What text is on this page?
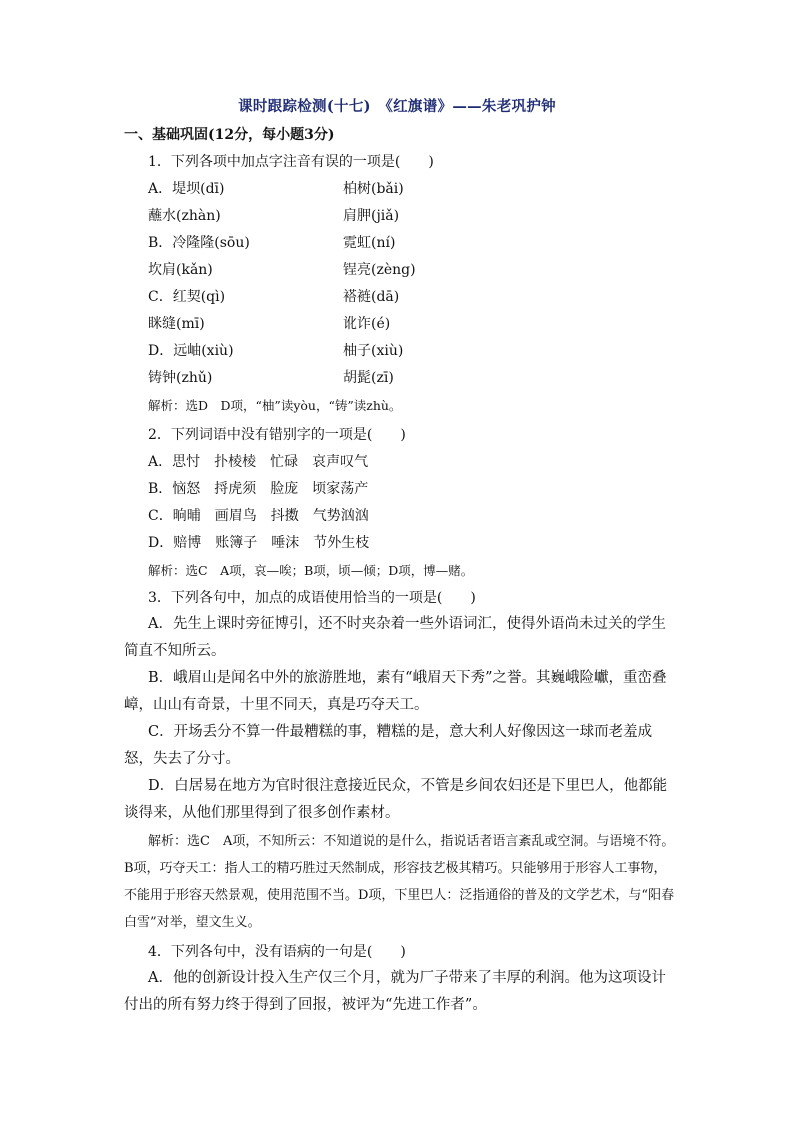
课时跟踪检测(十七)　《红旗谱》——朱老巩护钟
一、基础巩固(12分，每小题3分)
1．下列各项中加点字注音有误的一项是(　　)
A．堤坝(dī)	柏树(bǎi)
蘸水(zhàn)	肩胛(jiǎ)
B．冷隆隆(sōu)	霓虹(ní)
坎肩(kǎn)	锃亮(zèng)
C．红契(qì)	褡裢(dā)
眯缝(mī)	讹诈(é)
D．远岫(xiù)	柚子(xiù)
铸钟(zhǔ)	胡髭(zī)
解析：选D　D项，“柚”读yòu，“铸”读zhù。
2．下列词语中没有错别字的一项是(　　)
A．思忖　扑棱棱　忙碌　哀声叹气
B．恼怒　捋虎须　脸庞　顷家荡产
C．晌晡　画眉鸟　抖擞　气势汹汹
D．赔博　账簿子　唾沫　节外生枝
解析：选C　A项，哀—唉；B项，顷—倾；D项，博—赌。
3．下列各句中，加点的成语使用恰当的一项是(　　)
A．先生上课时旁征博引，还不时夹杂着一些外语词汇，使得外语尚未过关的学生简直不知所云。
B．峨眉山是闻名中外的旅游胜地，素有“峨眉天下秀”之誉。其巍峨险巘，重峦叠嶂，山山有奇景，十里不同天，真是巧夺天工。
C．开场丢分不算一件最糟糕的事，糟糕的是，意大利人好像因这一球而老羞成怒，失去了分寸。
D．白居易在地方为官时很注意接近民众，不管是乡间农妇还是下里巴人，他都能谈得来，从他们那里得到了很多创作素材。
解析：选C　A项，不知所云：不知道说的是什么，指说话者语言紊乱或空洞。与语境不符。B项，巧夺天工：指人工的精巧胜过天然制成，形容技艺极其精巧。只能够用于形容人工事物，不能用于形容天然景观，使用范围不当。D项，下里巴人：泛指通俗的普及的文学艺术，与“阳春白雪”对举，望文生义。
4．下列各句中，没有语病的一句是(　　)
A．他的创新设计投入生产仅三个月，就为厂子带来了丰厚的利润。他为这项设计付出的所有努力终于得到了回报，被评为“先进工作者”。
